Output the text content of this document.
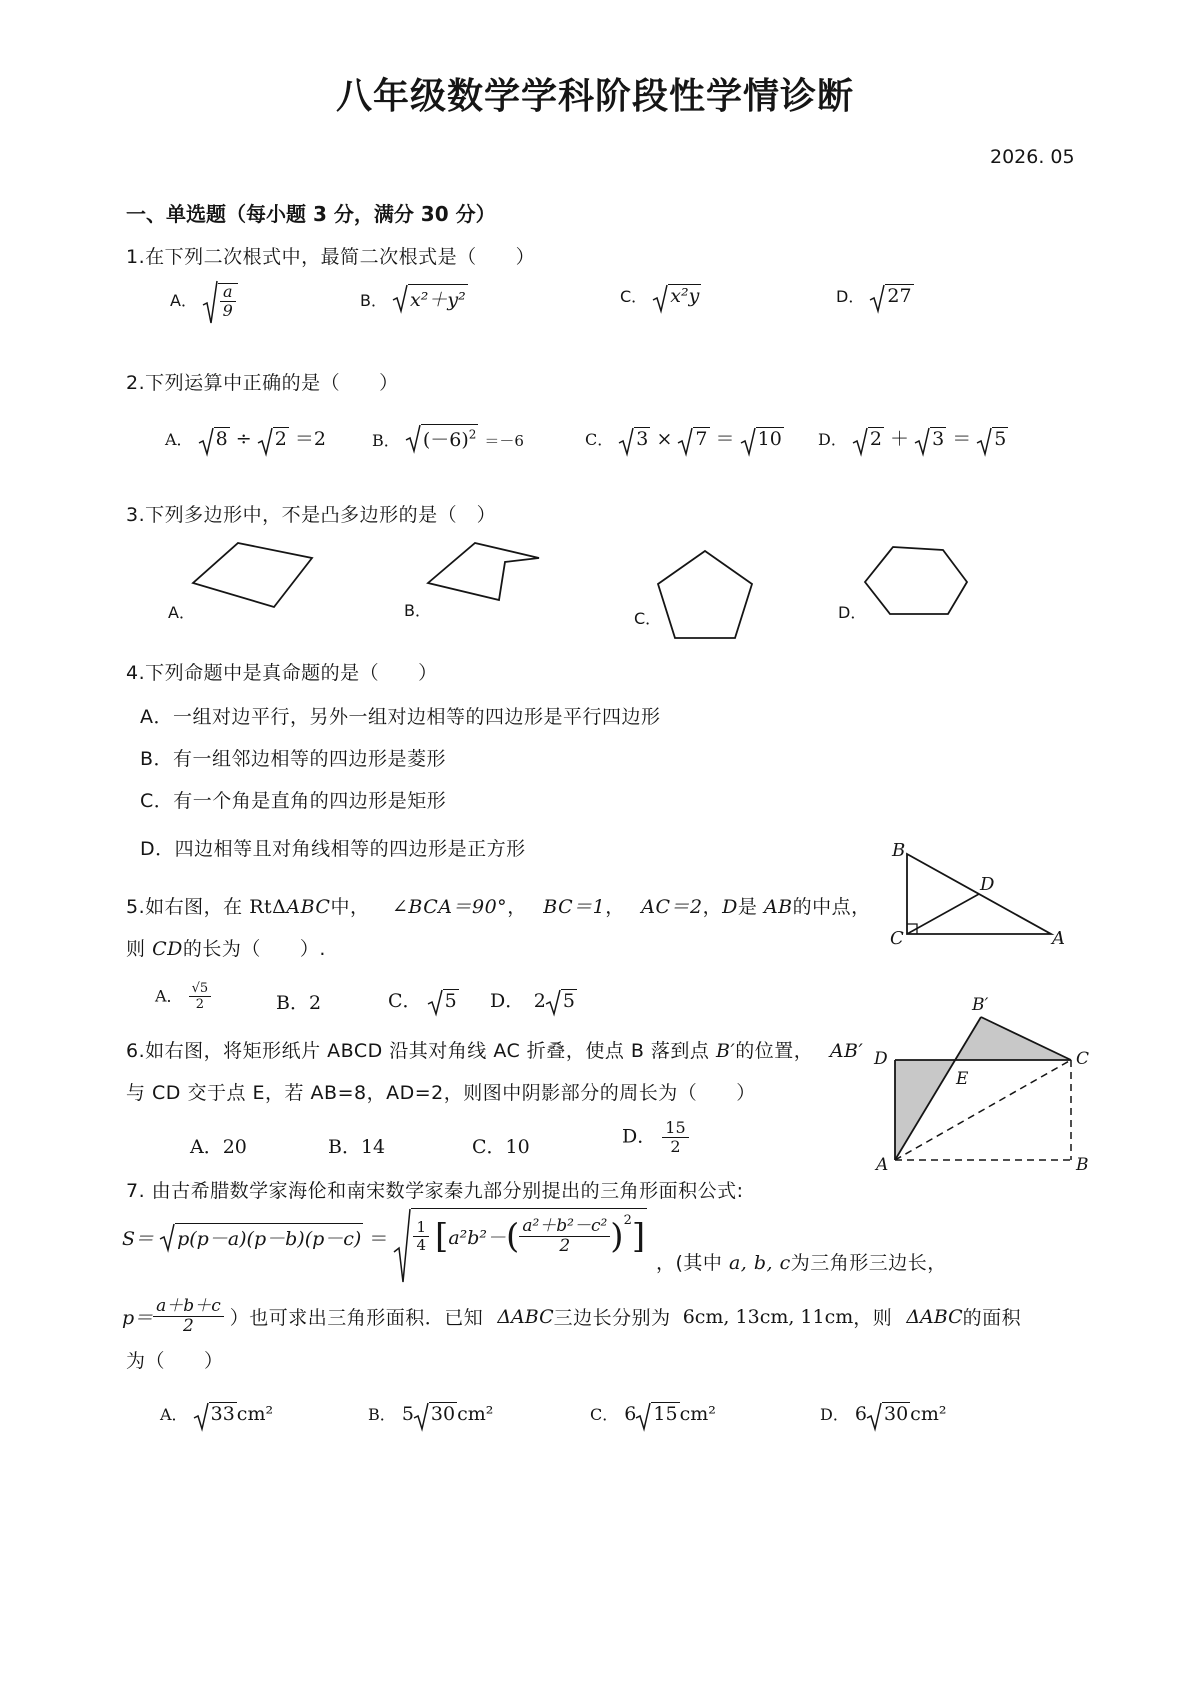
八年级数学学科阶段性学情诊断
2026. 05
一、单选题（每小题 3 分，满分 30 分）
1.在下列二次根式中，最简二次根式是（　　）
A． $\frac{a}{9}$	B． x²＋y²	C． x²y	D． 27
2.下列运算中正确的是（　　）
A． 8 ÷ 2 ＝2	B． $(-6)^2 =-6$	C． 3 × 7 ＝ 10 D． 2 ＋ 3 ＝ 5
3.下列多边形中，不是凸多边形的是（　）
A．	B．	C．	D．
4.下列命题中是真命题的是（　　）
A．一组对边平行，另外一组对边相等的四边形是平行四边形
B．有一组邻边相等的四边形是菱形
C．有一个角是直角的四边形是矩形
D．四边相等且对角线相等的四边形是正方形
5.如右图，在 RtΔABC中， ∠BCA＝90°， BC＝1， AC＝2，D是 AB的中点，
则 CD的长为（　　）.
A． $\frac{√5}{2}$	B．2	C． 5 D．　2 5
B
C	A
D
6.如右图，将矩形纸片 ABCD 沿其对角线 AC 折叠，使点 B 落到点 B′的位置， AB′
与 CD 交于点 E，若 AB=8，AD=2，则图中阴影部分的周长为（　　）
A．20	B．14	C．10	D． $\frac{15}{2}$
B′
D	C
E
A	B
7. 由古希腊数学家海伦和南宋数学家秦九部分别提出的三角形面积公式:
$S= p(p-a)(p-b)(p-c) = \frac{1}{4} [a^2b^2-( \frac{\text{a²＋b²－c²}}{2} )^2]$
，(其中 a, b, c为三角形三边长，
$p= \frac{a+b+c}{2}$ ）也可求出三角形面积．已知 ΔABC三边长分别为 6cm, 13cm, 11cm，则 ΔABC的面积
为（　　）
A． 33 cm²	B． 5 30 cm²	C． 6 15 cm²	D． 6 30 cm²
